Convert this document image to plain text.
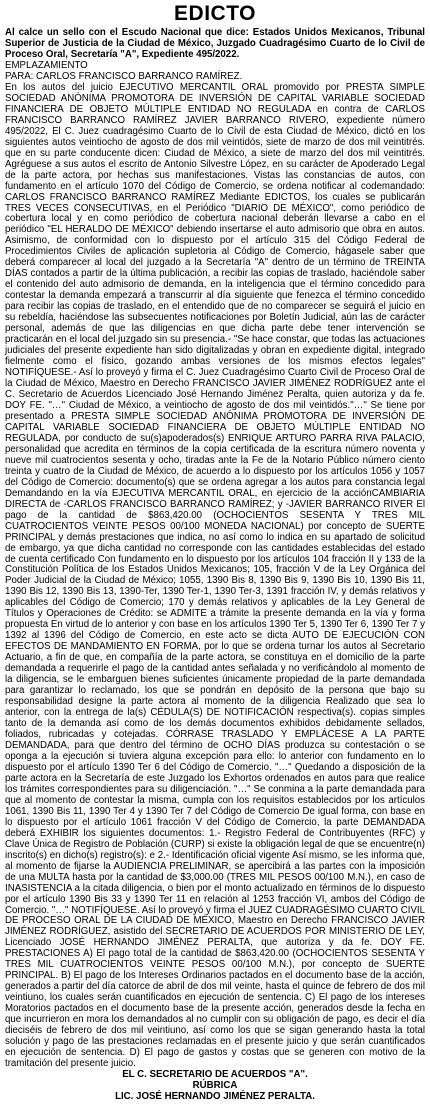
EDICTO

Al calce un sello con el Escudo Nacional que dice: Estados Unidos Mexicanos, Tribunal Superior de Justicia de la Ciudad de México, Juzgado Cuadragésimo Cuarto de lo Civil de Proceso Oral, Secretaría "A", Expediente 495/2022.

EMPLAZAMIENTO

PARA: CARLOS FRANCISCO BARRANCO RAMÍREZ.

En los autos del juicio EJECUTIVO MERCANTIL ORAL promovido por PRESTA SIMPLE SOCIEDAD ANÓNIMA PROMOTORA DE INVERSIÓN DE CAPITAL VARIABLE SOCIEDAD FINANCIERA DE OBJETO MÚLTIPLE ENTIDAD NO REGULADA en contra de CARLOS FRANCISCO BARRANCO RAMÍREZ JAVIER BARRANCO RIVERO, expediente número 495/2022, El C. Juez cuadragésimo Cuarto de lo Civil de esta Ciudad de México, dictó en los siguientes autos veintiocho de agosto de dos mil veintidós, siete de marzo de dos mil veintitrés. que en su parte conducente dicen: Ciudad de México, a siete de marzo del dos mil veintitrés. Agréguese a sus autos el escrito de Antonio Silvestre López, en su carácter de Apoderado Legal de la parte actora, por hechas sus manifestaciones. Vistas las constancias de autos, con fundamento en el artículo 1070 del Código de Comercio, se ordena notificar al codemandado: CARLOS FRANCISCO BARRANCO RAMÍREZ Mediante EDICTOS, los cuales se publicarán TRES VECES CONSECUTIVAS, en el Periódico "DIARIO DE MÉXICO", como periódico de cobertura local y en como periódico de cobertura nacional deberán llevarse a cabo en el periódico "EL HERALDO DE MÉXICO" debiendo insertarse el auto admisorio que obra en autos. Asimismo, de conformidad con lo dispuesto por el artículo 315 del Código Federal de Procedimientos Civiles de aplicación supletoria al Código de Comercio, hágasele saber que deberá comparecer al local del juzgado a la Secretaría "A" dentro de un término de TREINTA DÍAS contados a partir de la última publicación, a recibir las copias de traslado, haciéndole saber el contenido del auto admisorio de demanda, en la inteligencia que el término concedido para contestar la demanda empezará a transcurrir al día siguiente que fenezca el término concedido para recibir las copias de traslado, en el entendido que de no comparecer se seguirá el juicio en su rebeldía, haciéndose las subsecuentes notificaciones por Boletín Judicial, aún las de carácter personal, además de que las diligencias en que dicha parte debe tener intervención se practicarán en el local del juzgado sin su presencia.- "Se hace constar, que todas las actuaciones judiciales del presente expediente han sido digitalizadas y obran en expediente digital, integrado fielmente como el físico, gozando ambas versiones de los mismos efectos legales" NOTIFÍQUESE.- Así lo proveyó y firma el C. Juez Cuadragésimo Cuarto Civil de Proceso Oral de la Ciudad de México, Maestro en Derecho FRANCISCO JAVIER JIMÉNEZ RODRÍGUEZ ante el C. Secretario de Acuerdos Licenciado José Hernando Jiménez Peralta, quien autoriza y da fe. DOY FE. "…" Ciudad de México, a veintiocho de agosto de dos mil veintidós."…" Se tiene por presentado a PRESTA SIMPLE SOCIEDAD ANÓNIMA PROMOTORA DE INVERSIÓN DE CAPITAL VARIABLE SOCIEDAD FINANCIERA DE OBJETO MÚLTIPLE ENTIDAD NO REGULADA, por conducto de su(s)apoderados(s) ENRIQUE ARTURO PARRA RIVA PALACIO, personalidad que acredita en términos de la copia certificada de la escritura número noventa y nueve mil cuatrocientos sesenta y ocho, tiradas ante la Fe de la Notario Público número ciento treinta y cuatro de la Ciudad de México, de acuerdo a lo dispuesto por los artículos 1056 y 1057 del Código de Comercio: documento(s) que se ordena agregar a los autos para constancia legal Demandando en la vía EJECUTIVA MERCANTIL ORAL, en ejercicio de la acciónCAMBIARIA DIRECTA de -CARLOS FRANCISCO BARRANCO RAMÍREZ; y -JAVIER BARRANCO RIVER El pago de la cantidad de $863,420.00 (OCHOCIENTOS SESENTA Y TRES MIL CUATROCIENTOS VEINTE PESOS 00/100 MONEDA NACIONAL) por concepto de SUERTE PRINCIPAL y demás prestaciones que indica, no así como lo indica en su apartado de solicitud de embargo, ya que dicha cantidad no corresponde con las cantidades establecidas del estado de cuenta certificado Con fundamento en lo dispuesto por los artículos 104 fracción II y 133 de la Constitución Política de los Estados Unidos Mexicanos; 105, fracción V de la Ley Orgánica del Poder Judicial de la Ciudad de México; 1055, 1390 Bis 8, 1390 Bis 9, 1390 Bis 10, 1390 Bis 11, 1390 Bis 12, 1390 Bis 13, 1390-Ter, 1390 Ter-1, 1390 Ter-3, 1391 fracción IV, y demás relativos y aplicables del Código de Comercio; 170 y demás relativos y aplicables de la Ley General de Títulos y Operaciones de Crédito: se ADMITE a trámite la presente demanda en la vía y forma propuesta En virtud de lo anterior y con base en los artículos 1390 Ter 5, 1390 Ter 6, 1390 Ter 7 y 1392 al 1396 del Código de Comercio, en este acto se dicta AUTO DE EJECUCIÓN CON EFECTOS DE MANDAMIENTO EN FORMA, por lo que se ordena turnar los autos al Secretario Actuario, a fin de que, en compañía de la parte actora, se constituya en el domicilio de la parte demandada a requerirle el pago de la cantidad antes señalada y no verificándolo al momento de la diligencia, se le embarguen bienes suficientes únicamente propiedad de la parte demandada para garantizar lo reclamado, los que se pondrán en depósito de la persona que bajo su responsabilidad designe la parte actora al momento de la diligencia Realizado que sea lo anterior, con la entrega de la(s) CÉDULA(S) DE NOTIFICACIÓN respectiva(s). copias simples tanto de la demanda así como de los demás documentos exhibidos debidamente sellados, foliados, rubricadas y cotejadas. CÓRRASE TRASLADO Y EMPLÁCESE A LA PARTE DEMANDADA, para que dentro del término de OCHO DÍAS produzca su contestación o se oponga a la ejecución si tuviera alguna excepción para ello: lo anterior con fundamento en lo dispuesto por el artículo 1390 Ter 6 del Código de Comercio. "…" Quedando a disposición de la parte actora en la Secretaría de este Juzgado los Exhortos ordenados en autos para que realice los trámites correspondientes para su diligenciación. "…" Se conmina a la parte demandada para que al momento de contestar la misma, cumpla con los requisitos establecidos por los artículos 1061, 1390 Bis 11, 1390 Ter 4 y 1390 Ter 7 del Código de Comercio De igual forma, con base en lo dispuesto por el artículo 1061 fracción V del Código de Comercio, la parte DEMANDADA deberá EXHIBIR los siguientes documentos: 1.- Registro Federal de Contribuyentes (RFC) y Clave Única de Registro de Población (CURP) si existe la obligación legal de que se encuentre(n) inscrito(s) en dicho(s) registro(s): e 2.- Identificación oficial vigente Así mismo, se les informa que, al momento de fijarse la AUDIENCIA PRELIMINAR, se apercibirá a las partes con la imposición de una MULTA hasta por la cantidad de $3,000.00 (TRES MIL PESOS 00/100 M.N.), en caso de INASISTENCIA a la citada diligencia, o bien por el monto actualizado en términos de lo dispuesto por el artículo 1390 Bis 33 y 1390 Ter 11 en relación al 1253 fracción VI, ambos del Código de Comercio. "…" NOTIFÍQUESE. Así lo proveyó y firma el JUEZ CUADRAGÉSIMO CUARTO CIVIL DE PROCESO ORAL DE LA CIUDAD DE MÉXICO, Maestro en Derecho FRANCISCO JAVIER JIMÉNEZ RODRÍGUEZ, asistido del SECRETARIO DE ACUERDOS POR MINISTERIO DE LEY, Licenciado JOSÉ HERNANDO JIMÉNEZ PERALTA, que autoriza y da fe. DOY FE. PRESTACIONES A) El pago total de la cantidad de $863,420.00 (OCHOCIENTOS SESENTA Y TRES MIL CUATROCIENTOS VEINTE PESOS 00/100 M.N.), por concepto de SUERTE PRINCIPAL. B) El pago de los Intereses Ordinarios pactados en el documento base de la acción, generados a partir del día catorce de abril de dos mil veinte, hasta el quince de febrero de dos mil veintiuno, los cuales serán cuantificados en ejecución de sentencia. C) El pago de los intereses Moratorios pactados en el documento base de la presente acción, generados desde la fecha en que incurrieron en mora los demandados al no cumplir con su obligación de pago, es decir el día dieciséis de febrero de dos mil veintiuno, así como los que se sigan generando hasta la total solución y pago de las prestaciones reclamadas en el presente juicio y que serán cuantificados en ejecución de sentencia. D) El pago de gastos y costas que se generen con motivo de la tramitación del presente juicio.

EL C. SECRETARIO DE ACUERDOS "A".

RÚBRICA

LIC. JOSÉ HERNANDO JIMÉNEZ PERALTA.
